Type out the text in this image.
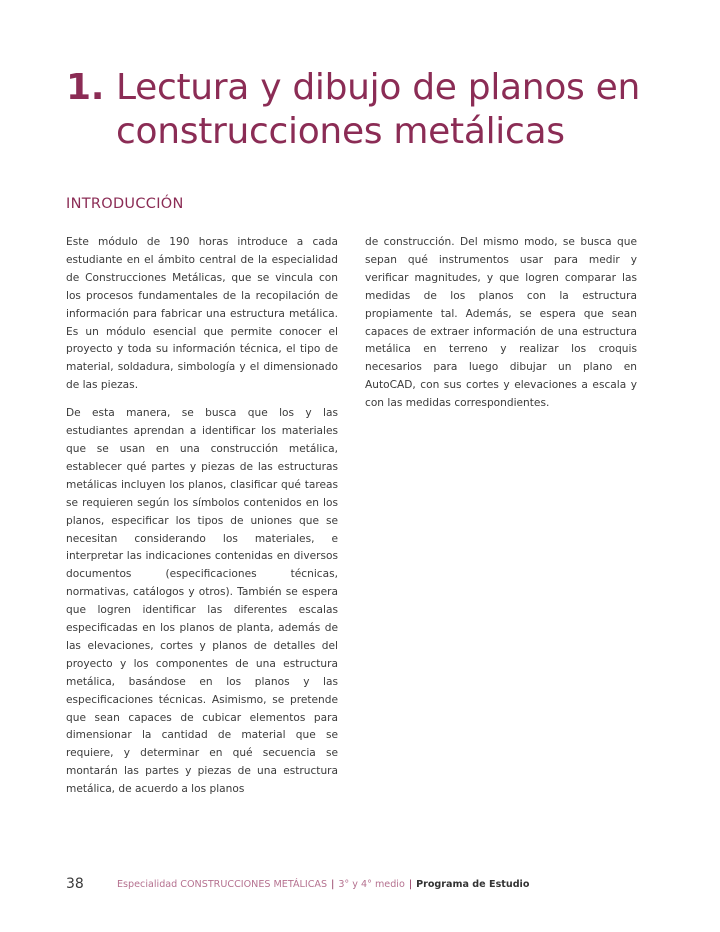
1. Lectura y dibujo de planos en construcciones metálicas
INTRODUCCIÓN

Este módulo de 190 horas introduce a cada estudiante en el ámbito central de la especialidad de Construcciones Metálicas, que se vincula con los procesos fundamentales de la recopilación de información para fabricar una estructura metálica. Es un módulo esencial que permite conocer el proyecto y toda su información técnica, el tipo de material, soldadura, simbología y el dimensionado de las piezas.

De esta manera, se busca que los y las estudiantes aprendan a identificar los materiales que se usan en una construcción metálica, establecer qué partes y piezas de las estructuras metálicas incluyen los planos, clasificar qué tareas se requieren según los símbolos contenidos en los planos, especificar los tipos de uniones que se necesitan considerando los materiales, e interpretar las indicaciones contenidas en diversos documentos (especificaciones técnicas, normativas, catálogos y otros). También se espera que logren identificar las diferentes escalas especificadas en los planos de planta, además de las elevaciones, cortes y planos de detalles del proyecto y los componentes de una estructura metálica, basándose en los planos y las especificaciones técnicas. Asimismo, se pretende que sean capaces de cubicar elementos para dimensionar la cantidad de material que se requiere, y determinar en qué secuencia se montarán las partes y piezas de una estructura metálica, de acuerdo a los planos

de construcción. Del mismo modo, se busca que sepan qué instrumentos usar para medir y verificar magnitudes, y que logren comparar las medidas de los planos con la estructura propiamente tal. Además, se espera que sean capaces de extraer información de una estructura metálica en terreno y realizar los croquis necesarios para luego dibujar un plano en AutoCAD, con sus cortes y elevaciones a escala y con las medidas correspondientes.

38	Especialidad CONSTRUCCIONES METÁLICAS | 3° y 4° medio | Programa de Estudio
